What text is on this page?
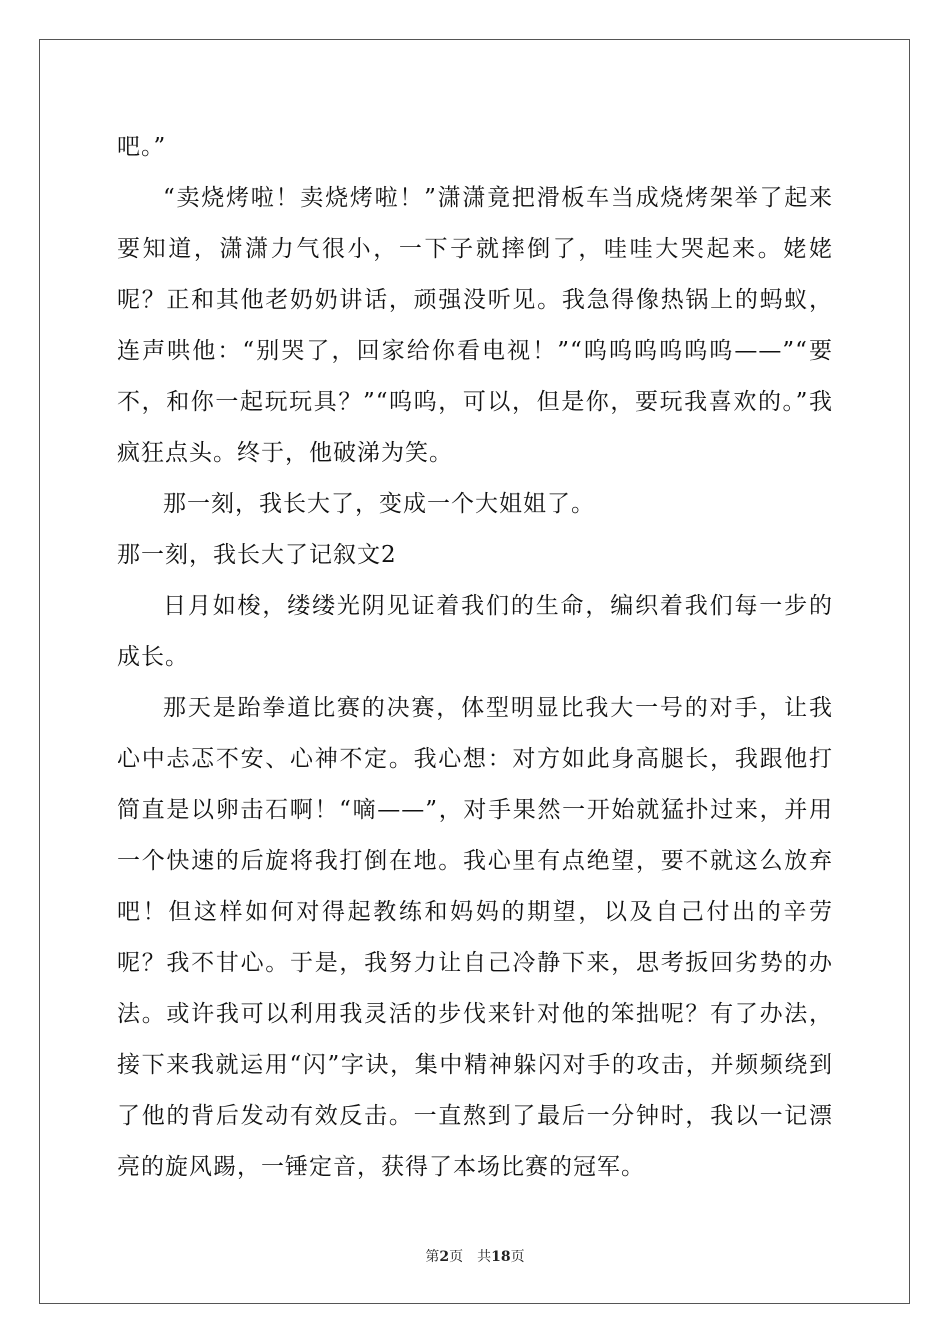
吧。”

“卖烧烤啦！卖烧烤啦！”潇潇竟把滑板车当成烧烤架举了起来要知道，潇潇力气很小，一下子就摔倒了，哇哇大哭起来。姥姥呢？正和其他老奶奶讲话，顽强没听见。我急得像热锅上的蚂蚁，连声哄他：“别哭了，回家给你看电视！”“呜呜呜呜呜呜——”“要不，和你一起玩玩具？”“呜呜，可以，但是你，要玩我喜欢的。”我疯狂点头。终于，他破涕为笑。

那一刻，我长大了，变成一个大姐姐了。

那一刻，我长大了记叙文2

日月如梭，缕缕光阴见证着我们的生命，编织着我们每一步的成长。

那天是跆拳道比赛的决赛，体型明显比我大一号的对手，让我心中忐忑不安、心神不定。我心想：对方如此身高腿长，我跟他打简直是以卵击石啊！“嘀——”，对手果然一开始就猛扑过来，并用一个快速的后旋将我打倒在地。我心里有点绝望，要不就这么放弃吧！但这样如何对得起教练和妈妈的期望，以及自己付出的辛劳呢？我不甘心。于是，我努力让自己冷静下来，思考扳回劣势的办法。或许我可以利用我灵活的步伐来针对他的笨拙呢？有了办法，接下来我就运用“闪”字诀，集中精神躲闪对手的攻击，并频频绕到了他的背后发动有效反击。一直熬到了最后一分钟时，我以一记漂亮的旋风踢，一锤定音，获得了本场比赛的冠军。

第2页 共18页
